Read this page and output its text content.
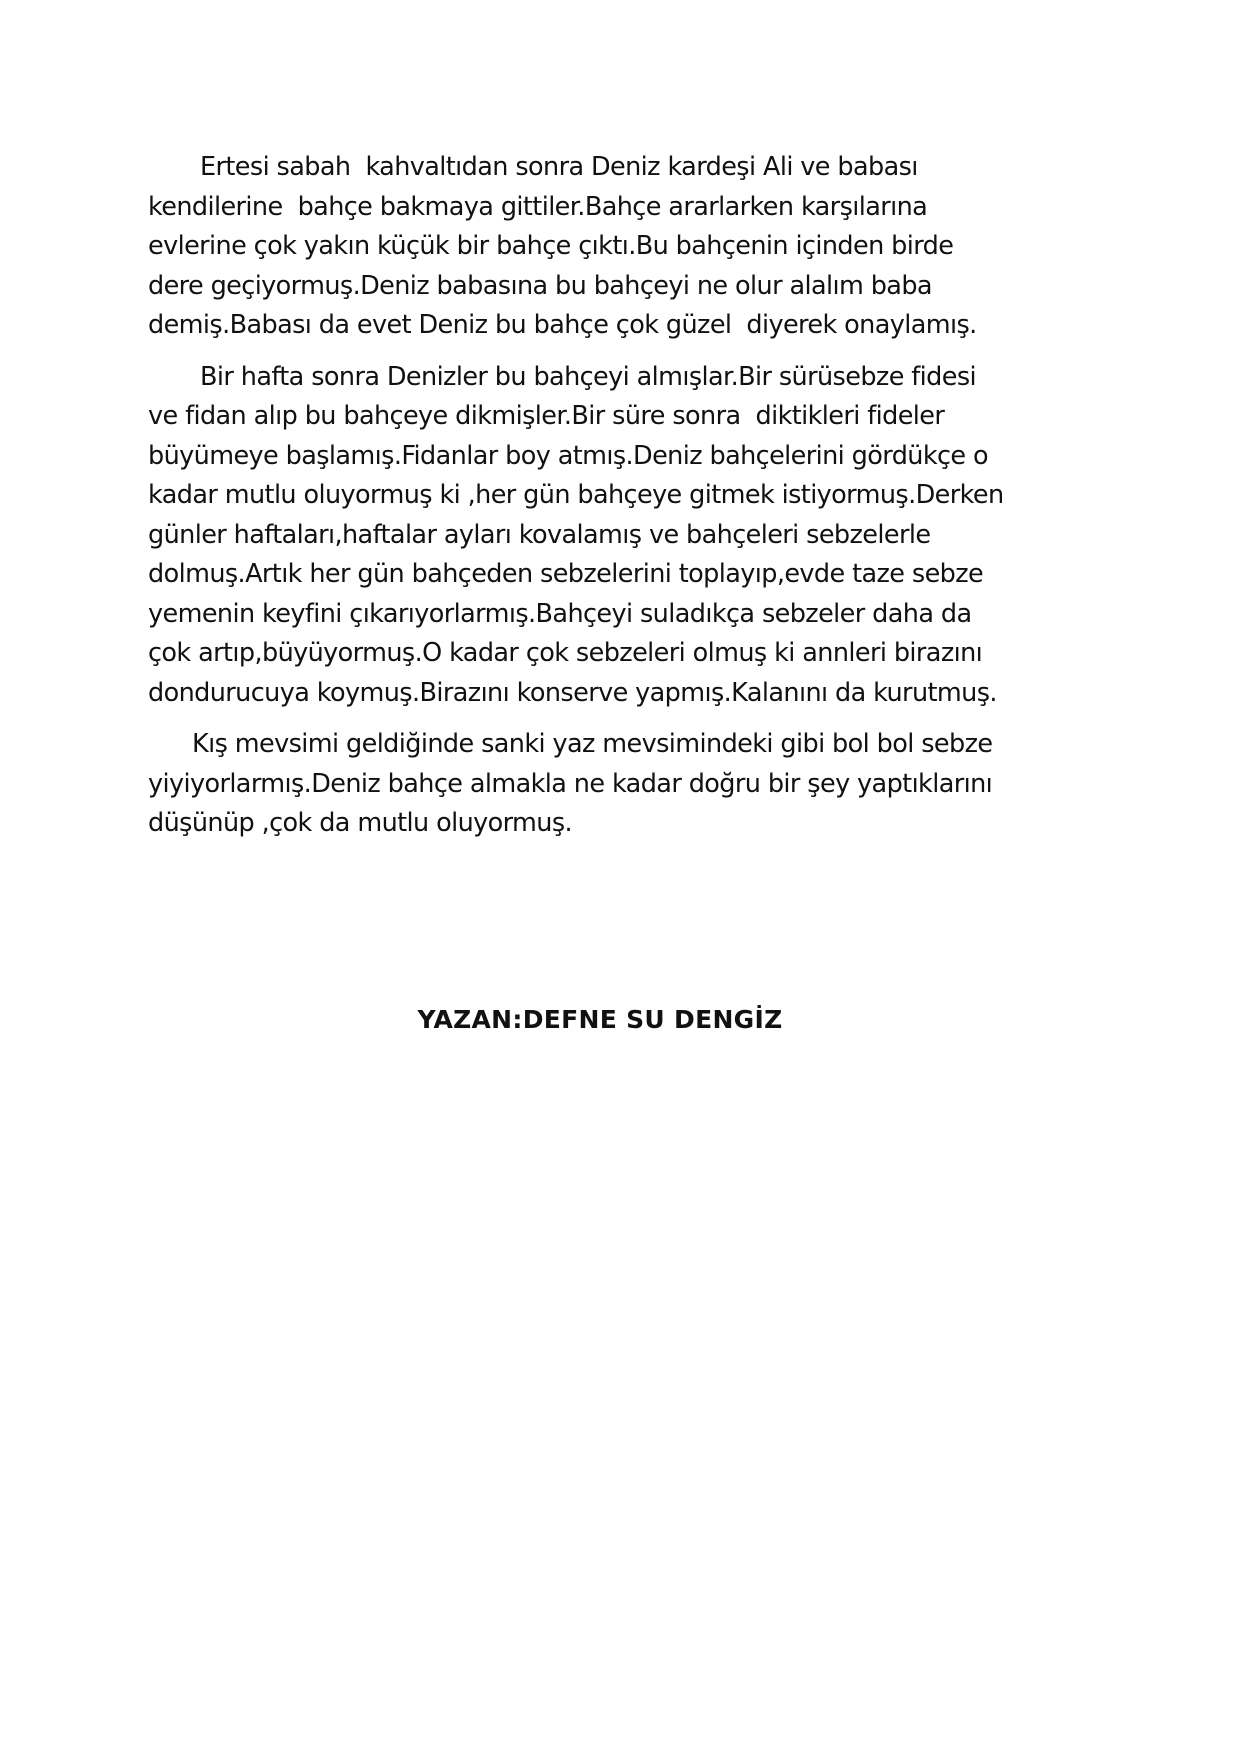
Ertesi sabah  kahvaltıdan sonra Deniz kardeşi Ali ve babası
kendilerine  bahçe bakmaya gittiler.Bahçe ararlarken karşılarına
evlerine çok yakın küçük bir bahçe çıktı.Bu bahçenin içinden birde
dere geçiyormuş.Deniz babasına bu bahçeyi ne olur alalım baba
demiş.Babası da evet Deniz bu bahçe çok güzel  diyerek onaylamış.
Bir hafta sonra Denizler bu bahçeyi almışlar.Bir sürüsebze fidesi
ve fidan alıp bu bahçeye dikmişler.Bir süre sonra  diktikleri fideler
büyümeye başlamış.Fidanlar boy atmış.Deniz bahçelerini gördükçe o
kadar mutlu oluyormuş ki ,her gün bahçeye gitmek istiyormuş.Derken
günler haftaları,haftalar ayları kovalamış ve bahçeleri sebzelerle
dolmuş.Artık her gün bahçeden sebzelerini toplayıp,evde taze sebze
yemenin keyfini çıkarıyorlarmış.Bahçeyi suladıkça sebzeler daha da
çok artıp,büyüyormuş.O kadar çok sebzeleri olmuş ki annleri birazını
dondurucuya koymuş.Birazını konserve yapmış.Kalanını da kurutmuş.
Kış mevsimi geldiğinde sanki yaz mevsimindeki gibi bol bol sebze
yiyiyorlarmış.Deniz bahçe almakla ne kadar doğru bir şey yaptıklarını
düşünüp ,çok da mutlu oluyormuş.
YAZAN:DEFNE SU DENGİZ
